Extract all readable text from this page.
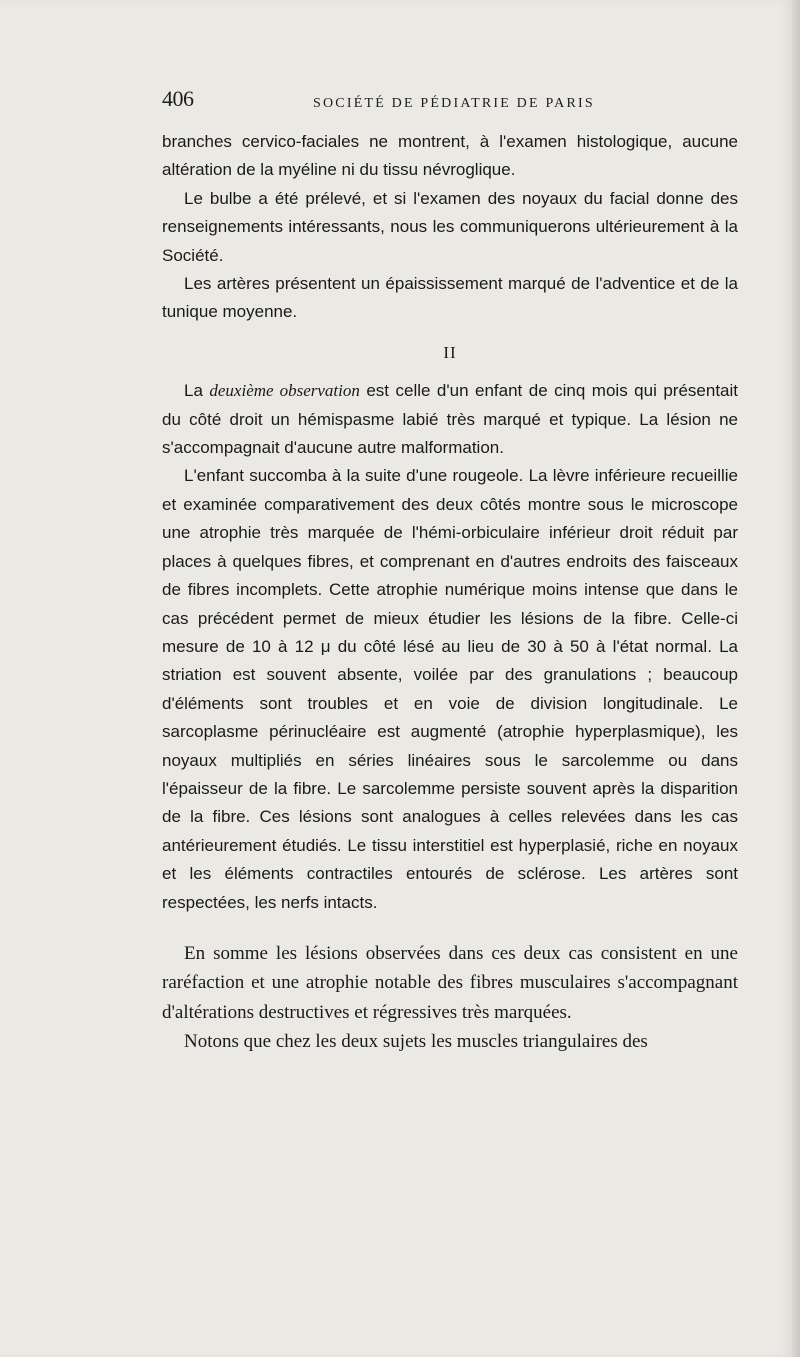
406	SOCIÉTÉ DE PÉDIATRIE DE PARIS

branches cervico-faciales ne montrent, à l'examen histologique, aucune altération de la myéline ni du tissu névroglique.

Le bulbe a été prélevé, et si l'examen des noyaux du facial donne des renseignements intéressants, nous les communiquerons ultérieurement à la Société.

Les artères présentent un épaississement marqué de l'adventice et de la tunique moyenne.

II

La deuxième observation est celle d'un enfant de cinq mois qui présentait du côté droit un hémispasme labié très marqué et typique. La lésion ne s'accompagnait d'aucune autre malformation.

L'enfant succomba à la suite d'une rougeole. La lèvre inférieure recueillie et examinée comparativement des deux côtés montre sous le microscope une atrophie très marquée de l'hémi-orbiculaire inférieur droit réduit par places à quelques fibres, et comprenant en d'autres endroits des faisceaux de fibres incomplets. Cette atrophie numérique moins intense que dans le cas précédent permet de mieux étudier les lésions de la fibre. Celle-ci mesure de 10 à 12 μ du côté lésé au lieu de 30 à 50 à l'état normal. La striation est souvent absente, voilée par des granulations ; beaucoup d'éléments sont troubles et en voie de division longitudinale. Le sarcoplasme périnucléaire est augmenté (atrophie hyperplasmique), les noyaux multipliés en séries linéaires sous le sarcolemme ou dans l'épaisseur de la fibre. Le sarcolemme persiste souvent après la disparition de la fibre. Ces lésions sont analogues à celles relevées dans les cas antérieurement étudiés. Le tissu interstitiel est hyperplasié, riche en noyaux et les éléments contractiles entourés de sclérose. Les artères sont respectées, les nerfs intacts.

En somme les lésions observées dans ces deux cas consistent en une raréfaction et une atrophie notable des fibres musculaires s'accompagnant d'altérations destructives et régressives très marquées.

Notons que chez les deux sujets les muscles triangulaires des
